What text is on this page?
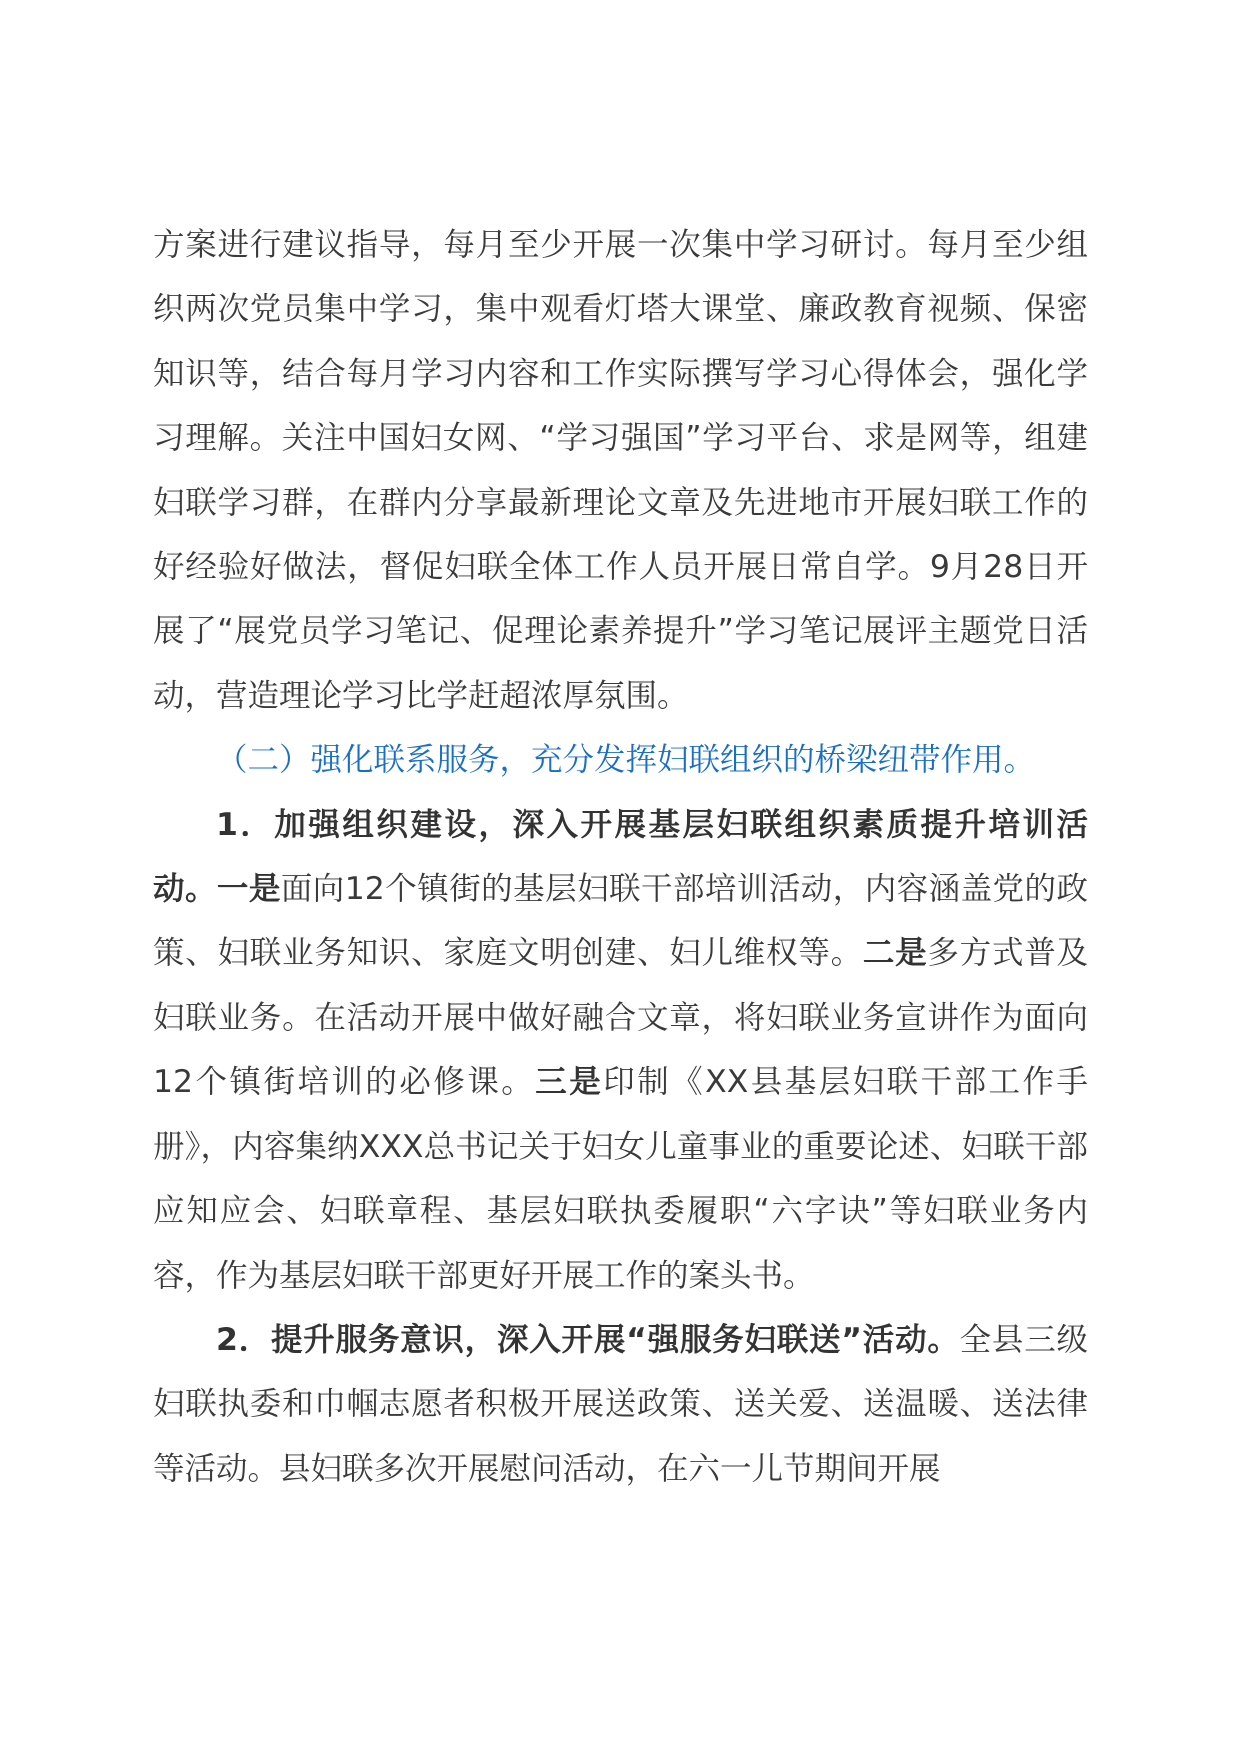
方案进行建议指导，每月至少开展一次集中学习研讨。每月至少组织两次党员集中学习，集中观看灯塔大课堂、廉政教育视频、保密知识等，结合每月学习内容和工作实际撰写学习心得体会，强化学习理解。关注中国妇女网、“学习强国”学习平台、求是网等，组建妇联学习群，在群内分享最新理论文章及先进地市开展妇联工作的好经验好做法，督促妇联全体工作人员开展日常自学。9月28日开展了“展党员学习笔记、促理论素养提升”学习笔记展评主题党日活动，营造理论学习比学赶超浓厚氛围。

（二）强化联系服务，充分发挥妇联组织的桥梁纽带作用。

1．加强组织建设，深入开展基层妇联组织素质提升培训活动。一是面向12个镇街的基层妇联干部培训活动，内容涵盖党的政策、妇联业务知识、家庭文明创建、妇儿维权等。二是多方式普及妇联业务。在活动开展中做好融合文章，将妇联业务宣讲作为面向12个镇街培训的必修课。三是印制《XX县基层妇联干部工作手册》，内容集纳XXX总书记关于妇女儿童事业的重要论述、妇联干部应知应会、妇联章程、基层妇联执委履职“六字诀”等妇联业务内容，作为基层妇联干部更好开展工作的案头书。

2．提升服务意识，深入开展“强服务妇联送”活动。全县三级妇联执委和巾帼志愿者积极开展送政策、送关爱、送温暖、送法律等活动。县妇联多次开展慰问活动，在六一儿节期间开展
